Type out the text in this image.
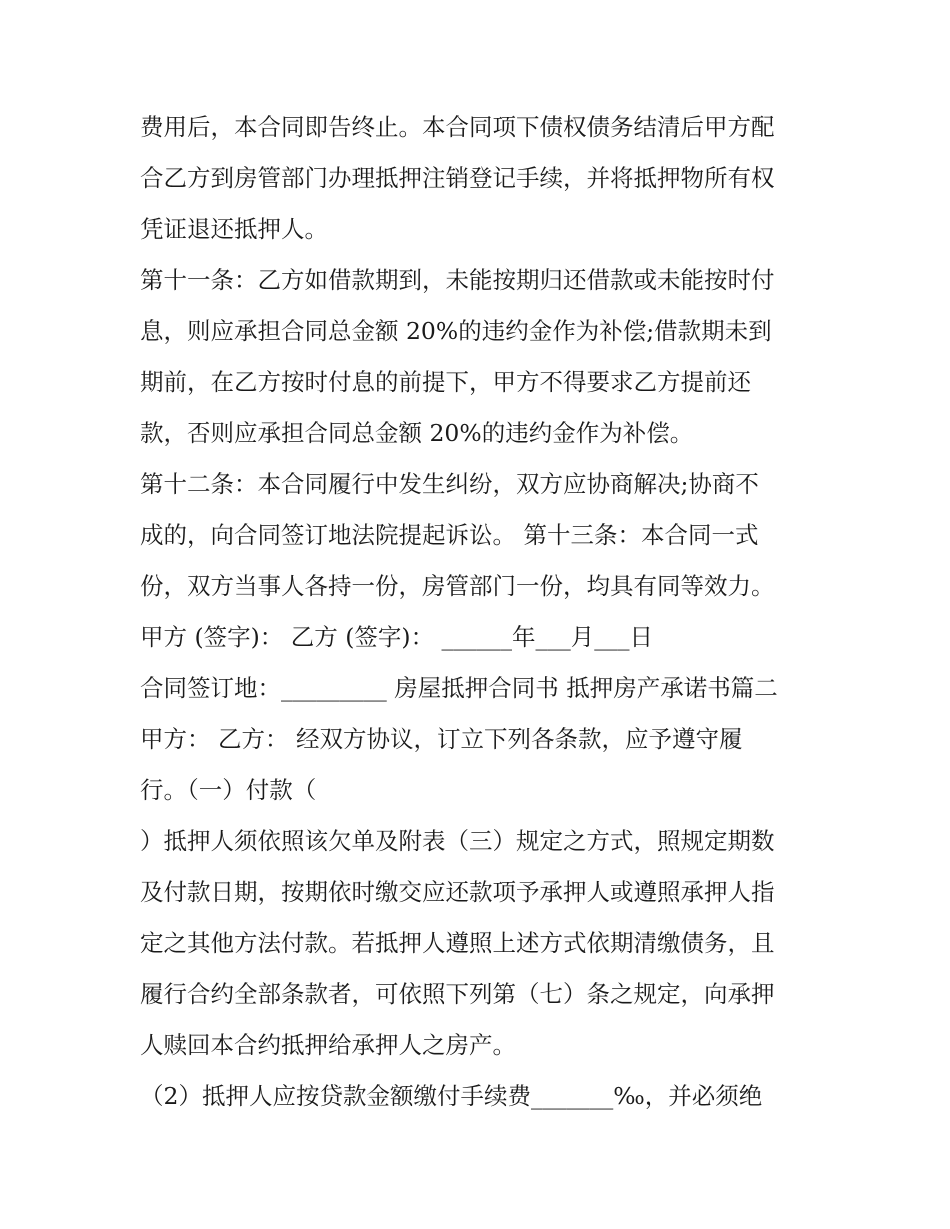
费用后，本合同即告终止。本合同项下债权债务结清后甲方配
合乙方到房管部门办理抵押注销登记手续，并将抵押物所有权
凭证退还抵押人。
第十一条：乙方如借款期到，未能按期归还借款或未能按时付
息，则应承担合同总金额 20%的违约金作为补偿;借款期未到
期前，在乙方按时付息的前提下，甲方不得要求乙方提前还
款，否则应承担合同总金额 20%的违约金作为补偿。
第十二条：本合同履行中发生纠纷，双方应协商解决;协商不
成的，向合同签订地法院提起诉讼。 第十三条：本合同一式
份，双方当事人各持一份，房管部门一份，均具有同等效力。
甲方 (签字)： 乙方 (签字)： ______年___月___日
合同签订地：_________ 房屋抵押合同书 抵押房产承诺书篇二
甲方： 乙方： 经双方协议，订立下列各条款，应予遵守履
行。（一）付款（
）抵押人须依照该欠单及附表（三）规定之方式，照规定期数
及付款日期，按期依时缴交应还款项予承押人或遵照承押人指
定之其他方法付款。若抵押人遵照上述方式依期清缴债务，且
履行合约全部条款者，可依照下列第（七）条之规定，向承押
人赎回本合约抵押给承押人之房产。
（2）抵押人应按贷款金额缴付手续费_______‰，并必须绝
